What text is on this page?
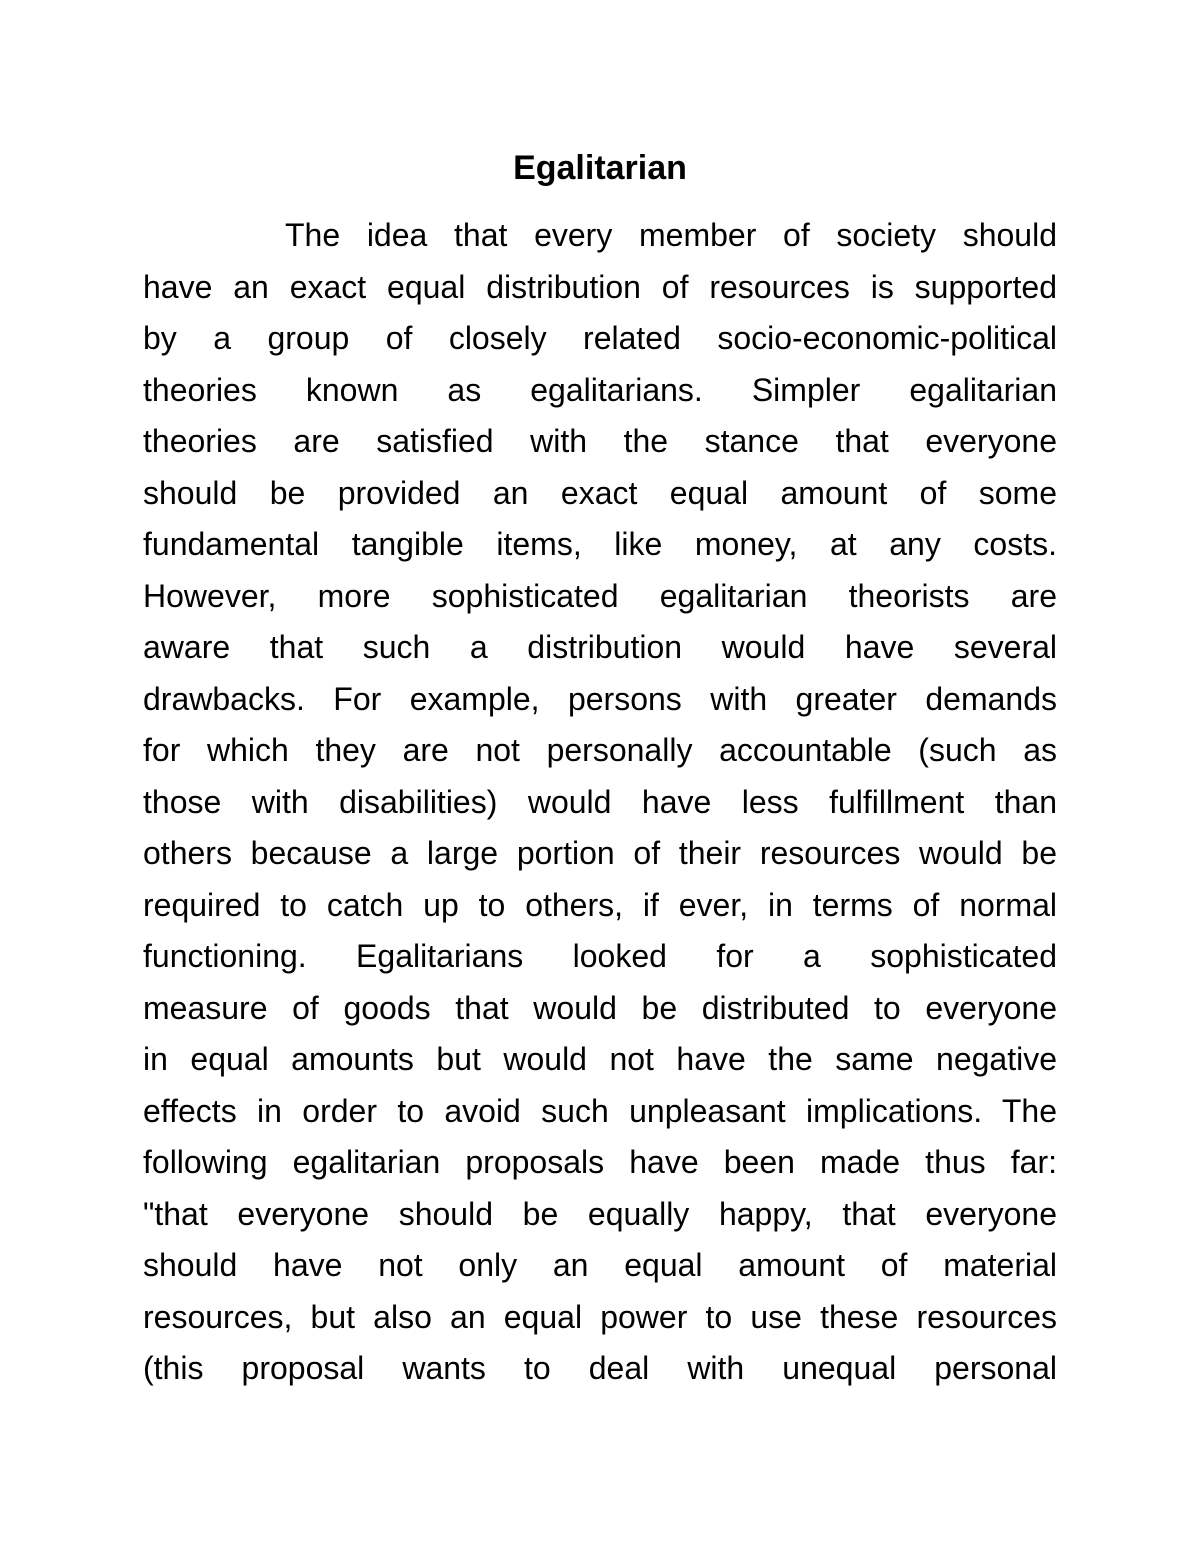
Egalitarian
The idea that every member of society should
have an exact equal distribution of resources is supported
by a group of closely related socio-economic-political
theories known as egalitarians. Simpler egalitarian
theories are satisfied with the stance that everyone
should be provided an exact equal amount of some
fundamental tangible items, like money, at any costs.
However, more sophisticated egalitarian theorists are
aware that such a distribution would have several
drawbacks. For example, persons with greater demands
for which they are not personally accountable (such as
those with disabilities) would have less fulfillment than
others because a large portion of their resources would be
required to catch up to others, if ever, in terms of normal
functioning. Egalitarians looked for a sophisticated
measure of goods that would be distributed to everyone
in equal amounts but would not have the same negative
effects in order to avoid such unpleasant implications. The
following egalitarian proposals have been made thus far:
"that everyone should be equally happy, that everyone
should have not only an equal amount of material
resources, but also an equal power to use these resources
(this proposal wants to deal with unequal personal
